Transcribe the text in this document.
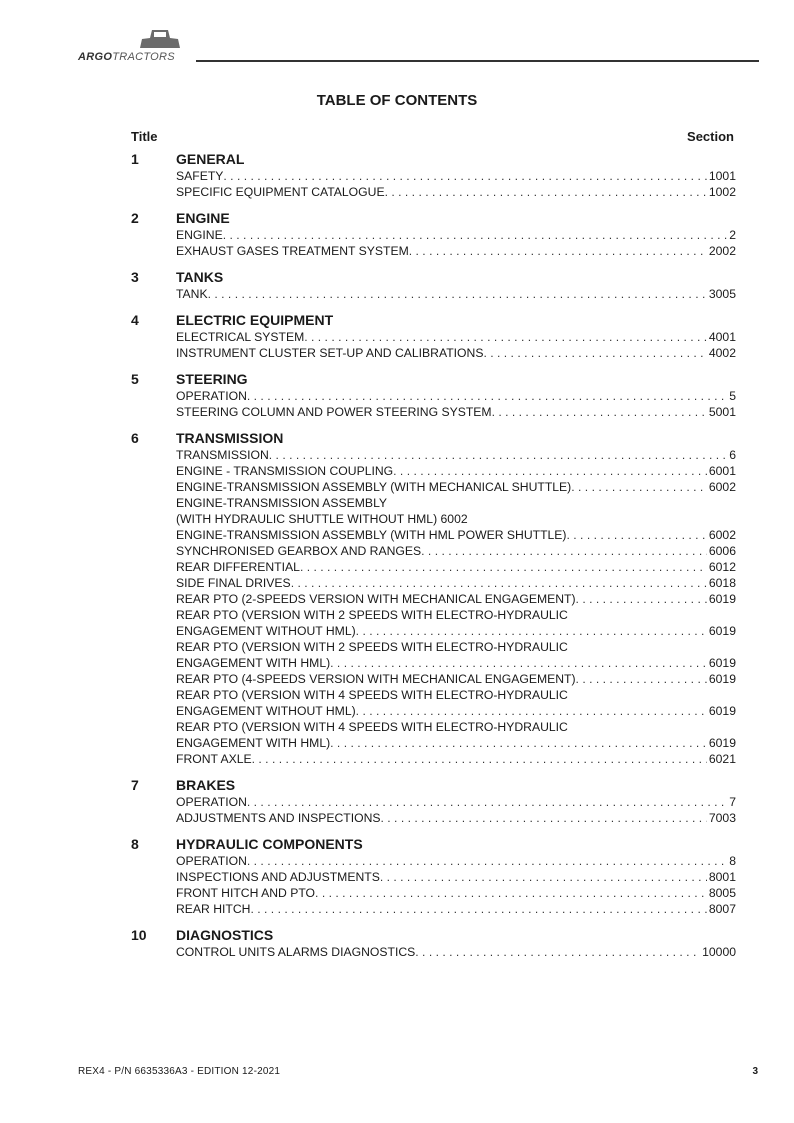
ARGOTRACTORS
TABLE OF CONTENTS
Title	Section
1	GENERAL
SAFETY . . .	1001
SPECIFIC EQUIPMENT CATALOGUE . . .	1002
2	ENGINE
ENGINE . . .	2
EXHAUST GASES TREATMENT SYSTEM . . .	2002
3	TANKS
TANK . . .	3005
4	ELECTRIC EQUIPMENT
ELECTRICAL SYSTEM . . .	4001
INSTRUMENT CLUSTER SET-UP AND CALIBRATIONS . . .	4002
5	STEERING
OPERATION . . .	5
STEERING COLUMN AND POWER STEERING SYSTEM . . .	5001
6	TRANSMISSION
TRANSMISSION . . .	6
ENGINE - TRANSMISSION COUPLING . . .	6001
ENGINE-TRANSMISSION ASSEMBLY (WITH MECHANICAL SHUTTLE) . . .	6002
ENGINE-TRANSMISSION ASSEMBLY
(WITH HYDRAULIC SHUTTLE WITHOUT HML) 6002
ENGINE-TRANSMISSION ASSEMBLY (WITH HML POWER SHUTTLE) . . .	6002
SYNCHRONISED GEARBOX AND RANGES . . .	6006
REAR DIFFERENTIAL . . .	6012
SIDE FINAL DRIVES . . .	6018
REAR PTO (2-SPEEDS VERSION WITH MECHANICAL ENGAGEMENT) . . .	6019
REAR PTO (VERSION WITH 2 SPEEDS WITH ELECTRO-HYDRAULIC
ENGAGEMENT WITHOUT HML) . . .	6019
REAR PTO (VERSION WITH 2 SPEEDS WITH ELECTRO-HYDRAULIC
ENGAGEMENT WITH HML) . . .	6019
REAR PTO (4-SPEEDS VERSION WITH MECHANICAL ENGAGEMENT) . . .	6019
REAR PTO (VERSION WITH 4 SPEEDS WITH ELECTRO-HYDRAULIC
ENGAGEMENT WITHOUT HML) . . .	6019
REAR PTO (VERSION WITH 4 SPEEDS WITH ELECTRO-HYDRAULIC
ENGAGEMENT WITH HML) . . .	6019
FRONT AXLE . . .	6021
7	BRAKES
OPERATION . . .	7
ADJUSTMENTS AND INSPECTIONS . . .	7003
8	HYDRAULIC COMPONENTS
OPERATION . . .	8
INSPECTIONS AND ADJUSTMENTS . . .	8001
FRONT HITCH AND PTO . . .	8005
REAR HITCH . . .	8007
10	DIAGNOSTICS
CONTROL UNITS ALARMS DIAGNOSTICS . . .	10000
REX4 - P/N 6635336A3 - EDITION 12-2021	3
